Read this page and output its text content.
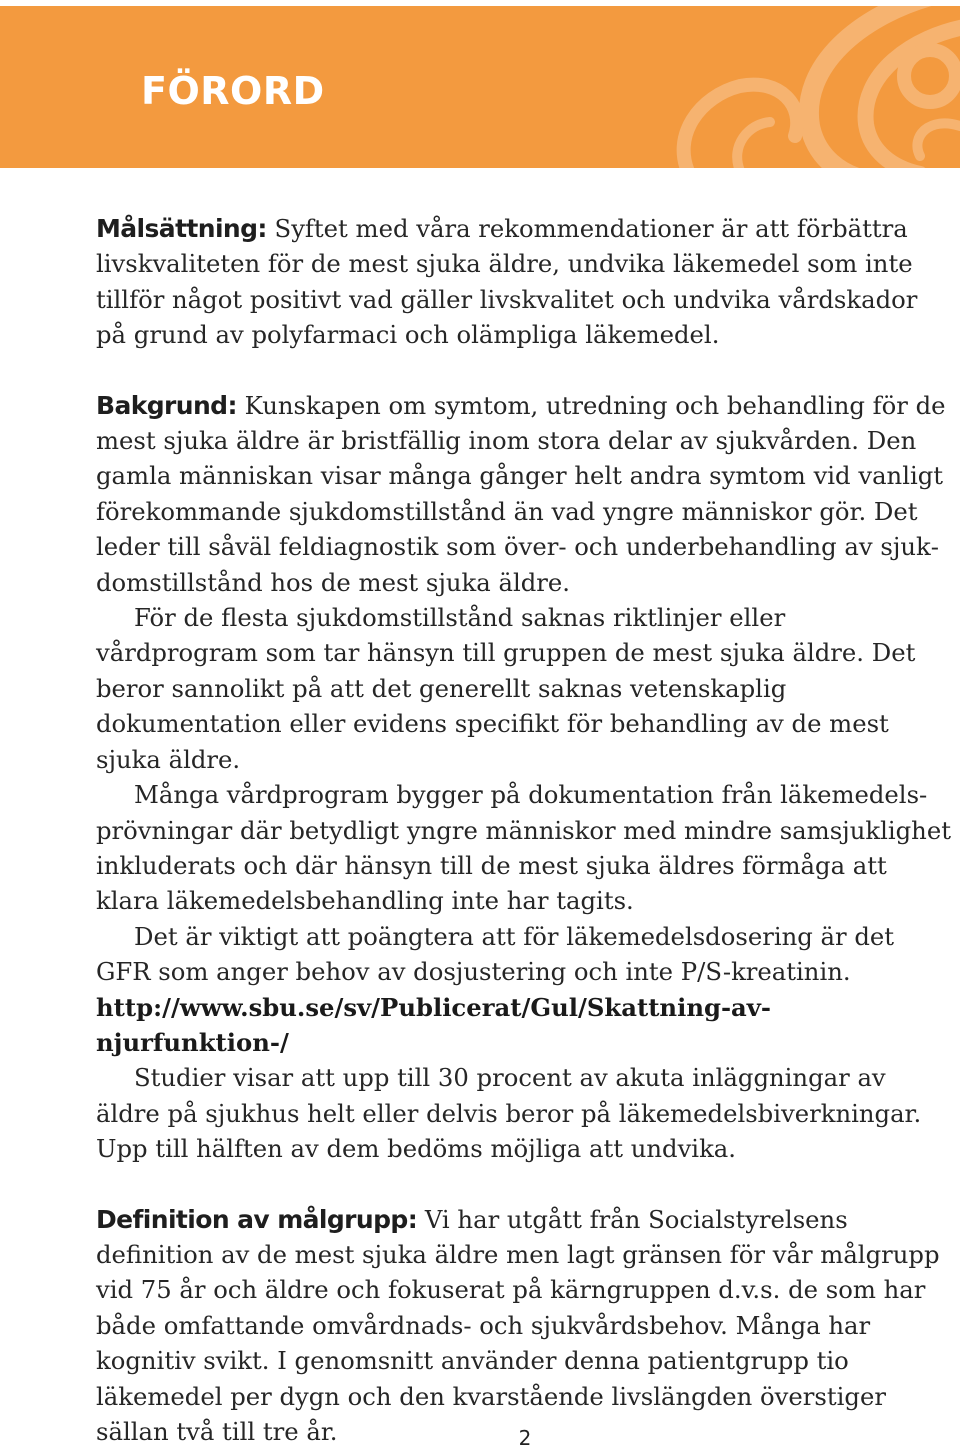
FÖRORD

Målsättning: Syftet med våra rekommendationer är att förbättra livskvaliteten för de mest sjuka äldre, undvika läkemedel som inte tillför något positivt vad gäller livskvalitet och undvika vårdskador på grund av polyfarmaci och olämpliga läkemedel.

Bakgrund: Kunskapen om symtom, utredning och behandling för de mest sjuka äldre är bristfällig inom stora delar av sjukvården. Den gamla människan visar många gånger helt andra symtom vid vanligt förekommande sjukdomstillstånd än vad yngre människor gör. Det leder till såväl feldiagnostik som över- och underbehandling av sjukdomstillstånd hos de mest sjuka äldre.

För de flesta sjukdomstillstånd saknas riktlinjer eller vårdprogram som tar hänsyn till gruppen de mest sjuka äldre. Det beror sannolikt på att det generellt saknas vetenskaplig dokumentation eller evidens specifikt för behandling av de mest sjuka äldre.

Många vårdprogram bygger på dokumentation från läkemedelsprövningar där betydligt yngre människor med mindre samsjuklighet inkluderats och där hänsyn till de mest sjuka äldres förmåga att klara läkemedelsbehandling inte har tagits.

Det är viktigt att poängtera att för läkemedelsdosering är det GFR som anger behov av dosjustering och inte P/S-kreatinin.

http://www.sbu.se/sv/Publicerat/Gul/Skattning-av-njurfunktion-/

Studier visar att upp till 30 procent av akuta inläggningar av äldre på sjukhus helt eller delvis beror på läkemedelsbiverkningar. Upp till hälften av dem bedöms möjliga att undvika.

Definition av målgrupp: Vi har utgått från Socialstyrelsens definition av de mest sjuka äldre men lagt gränsen för vår målgrupp vid 75 år och äldre och fokuserat på kärngruppen d.v.s. de som har både omfattande omvårdnads- och sjukvårdsbehov. Många har kognitiv svikt. I genomsnitt använder denna patientgrupp tio läkemedel per dygn och den kvarstående livslängden överstiger sällan två till tre år.	2
